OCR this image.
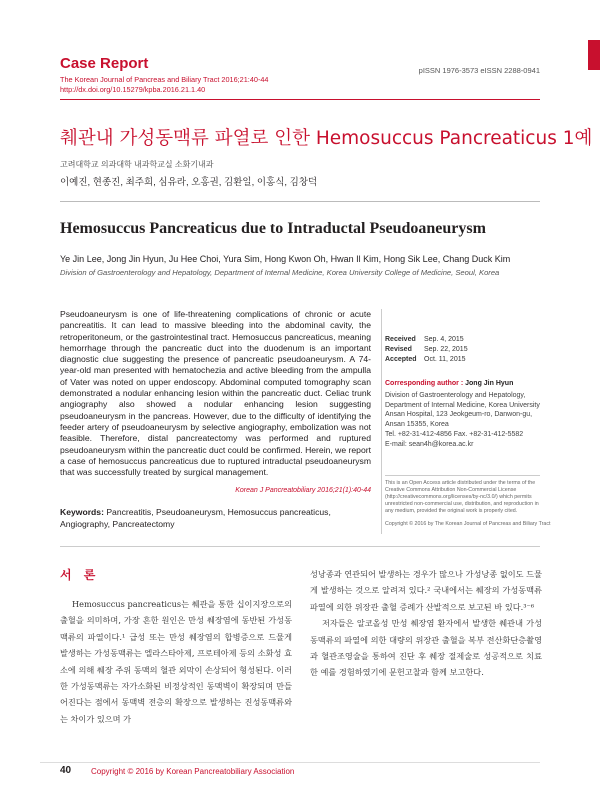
Case Report
The Korean Journal of Pancreas and Biliary Tract 2016;21:40-44
http://dx.doi.org/10.15279/kpba.2016.21.1.40
pISSN 1976-3573 eISSN 2288-0941
췌관내 가성동맥류 파열로 인한 Hemosuccus Pancreaticus 1예
고려대학교 의과대학 내과학교실 소화기내과
이예진, 현종진, 최주희, 심유라, 오홍권, 김환일, 이홍식, 김창덕
Hemosuccus Pancreaticus due to Intraductal Pseudoaneurysm
Ye Jin Lee, Jong Jin Hyun, Ju Hee Choi, Yura Sim, Hong Kwon Oh, Hwan Il Kim, Hong Sik Lee, Chang Duck Kim
Division of Gastroenterology and Hepatology, Department of Internal Medicine, Korea University College of Medicine, Seoul, Korea
Pseudoaneurysm is one of life-threatening complications of chronic or acute pancreatitis. It can lead to massive bleeding into the abdominal cavity, the retroperitoneum, or the gastrointestinal tract. Hemosuccus pancreaticus, meaning hemorrhage through the pancreatic duct into the duodenum is an important diagnostic clue suggesting the presence of pancreatic pseudoaneurysm. A 74-year-old man presented with hematochezia and active bleeding from the ampulla of Vater was noted on upper endoscopy. Abdominal computed tomography scan demonstrated a nodular enhancing lesion within the pancreatic duct. Celiac trunk angiography also showed a nodular enhancing lesion suggesting pseudoaneurysm in the pancreas. However, due to the difficulty of identifying the feeder artery of pseudoaneurysm by selective angiography, embolization was not feasible. Therefore, distal pancreatectomy was performed and ruptured pseudoaneurysm within the pancreatic duct could be confirmed. Herein, we report a case of hemosuccus pancreaticus due to ruptured intraductal pseudoaneurysm that was successfully treated by surgical management.
Korean J Pancreatobiliary 2016;21(1):40-44
Keywords: Pancreatitis, Pseudoaneurysm, Hemosuccus pancreaticus, Angiography, Pancreatectomy
Received Sep. 4, 2015
Revised Sep. 22, 2015
Accepted Oct. 11, 2015
Corresponding author : Jong Jin Hyun
Division of Gastroenterology and Hepatology,
Department of Internal Medicine, Korea University
Ansan Hospital, 123 Jeokgeum-ro, Danwon-gu,
Ansan 15355, Korea
Tel. +82-31-412-4856 Fax. +82-31-412-5582
E-mail: sean4h@korea.ac.kr
This is an Open Access article distributed under the terms of the Creative Commons Attribution Non-Commercial License (http://creativecommons.org/licenses/by-nc/3.0/) which permits unrestricted non-commercial use, distribution, and reproduction in any medium, provided the original work is properly cited.
Copyright © 2016 by The Korean Journal of Pancreas and Biliary Tract
서 론
Hemosuccus pancreaticus는 췌관을 통한 십이지장으로의 출혈을 의미하며, 가장 흔한 원인은 만성 췌장염에 동반된 가성동맥류의 파열이다.¹ 급성 또는 만성 췌장염의 합병증으로 드물게 발생하는 가성동맥류는 엘라스타아제, 프로테아제 등의 소화성 효소에 의해 췌장 주위 동맥의 혈관 외막이 손상되어 형성된다. 이러한 가성동맥류는 자가소화된 비정상적인 동맥벽이 확장되며 만들어진다는 점에서 동맥벽 전층의 확장으로 발생하는 진성동맥류와는 차이가 있으며 가

성낭종과 연관되어 발생하는 경우가 많으나 가성낭종 없이도 드물게 발생하는 것으로 알려져 있다.² 국내에서는 췌장의 가성동맥류 파열에 의한 위장관 출혈 증례가 산발적으로 보고된 바 있다.³⁻⁶

저자들은 알코올성 만성 췌장염 환자에서 발생한 췌관내 가성동맥류의 파열에 의한 대량의 위장관 출혈을 복부 전산화단층촬영과 혈관조영술을 통하여 진단 후 췌장 절제술로 성공적으로 치료한 예를 경험하였기에 문헌고찰과 함께 보고한다.

40 Copyright © 2016 by Korean Pancreatobiliary Association
